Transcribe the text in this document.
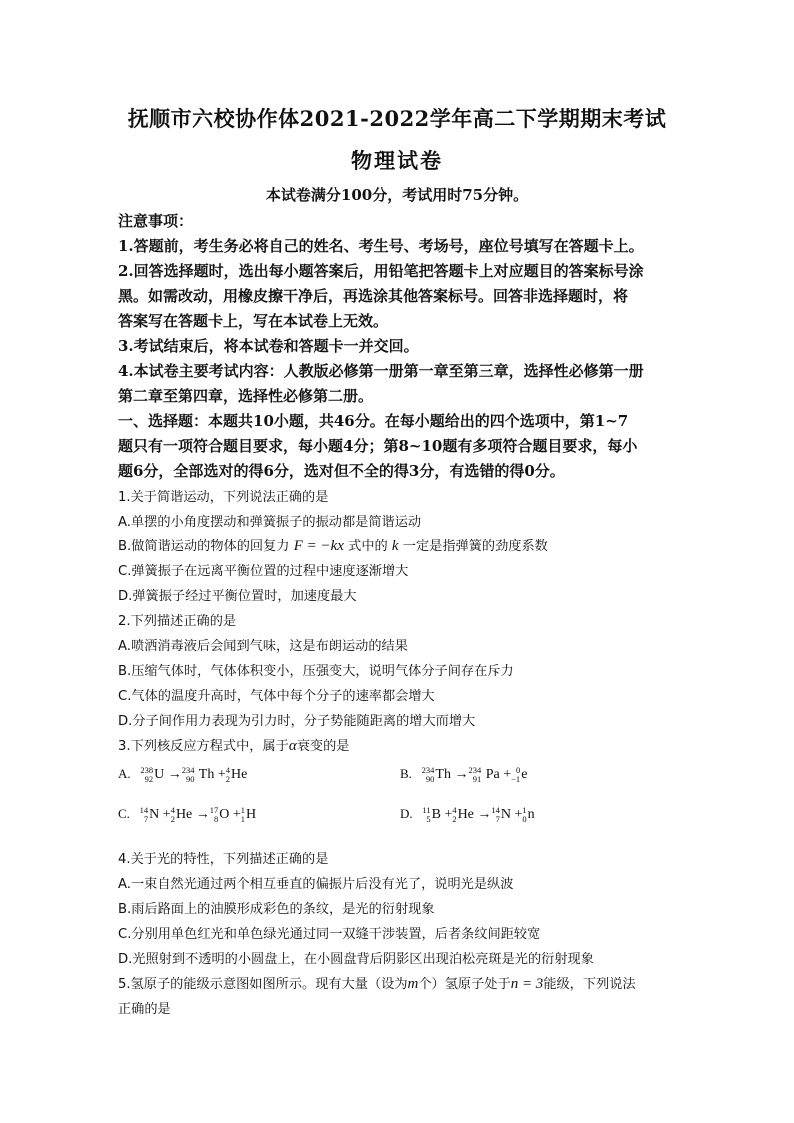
抚顺市六校协作体2021-2022学年高二下学期期末考试
物理试卷
本试卷满分100分，考试用时75分钟。
注意事项：
1.答题前，考生务必将自己的姓名、考生号、考场号，座位号填写在答题卡上。
2.回答选择题时，选出每小题答案后，用铅笔把答题卡上对应题目的答案标号涂
黑。如需改动，用橡皮擦干净后，再选涂其他答案标号。回答非选择题时，将
答案写在答题卡上，写在本试卷上无效。
3.考试结束后，将本试卷和答题卡一并交回。
4.本试卷主要考试内容：人教版必修第一册第一章至第三章，选择性必修第一册
第二章至第四章，选择性必修第二册。
一、选择题：本题共10小题，共46分。在每小题给出的四个选项中，第1~7
题只有一项符合题目要求，每小题4分；第8~10题有多项符合题目要求，每小
题6分，全部选对的得6分，选对但不全的得3分，有选错的得0分。
1.关于简谐运动，下列说法正确的是
A.单摆的小角度摆动和弹簧振子的振动都是简谐运动
B.做简谐运动的物体的回复力 F = −kx 式中的 k 一定是指弹簧的劲度系数
C.弹簧振子在远离平衡位置的过程中速度逐渐增大
D.弹簧振子经过平衡位置时，加速度最大
2.下列描述正确的是
A.喷洒消毒液后会闻到气味，这是布朗运动的结果
B.压缩气体时，气体体积变小，压强变大，说明气体分子间存在斥力
C.气体的温度升高时，气体中每个分子的速率都会增大
D.分子间作用力表现为引力时，分子势能随距离的增大而增大
3.下列核反应方程式中，属于α衰变的是
A. 238
92 U → 234
90 Th + 4
2 He	B. 234
90 Th → 234
91 Pa + 0
−1 e
C. 14
7 N + 4
2 He → 17
8 O + 1
1 H	D. 11
5 B + 4
2 He → 14
7 N + 1
0 n
4.关于光的特性，下列描述正确的是
A.一束自然光通过两个相互垂直的偏振片后没有光了，说明光是纵波
B.雨后路面上的油膜形成彩色的条纹，是光的衍射现象
C.分别用单色红光和单色绿光通过同一双缝干涉装置，后者条纹间距较宽
D.光照射到不透明的小圆盘上，在小圆盘背后阴影区出现泊松亮斑是光的衍射现象
5.氢原子的能级示意图如图所示。现有大量（设为m个）氢原子处于n = 3能级，下列说法
正确的是
